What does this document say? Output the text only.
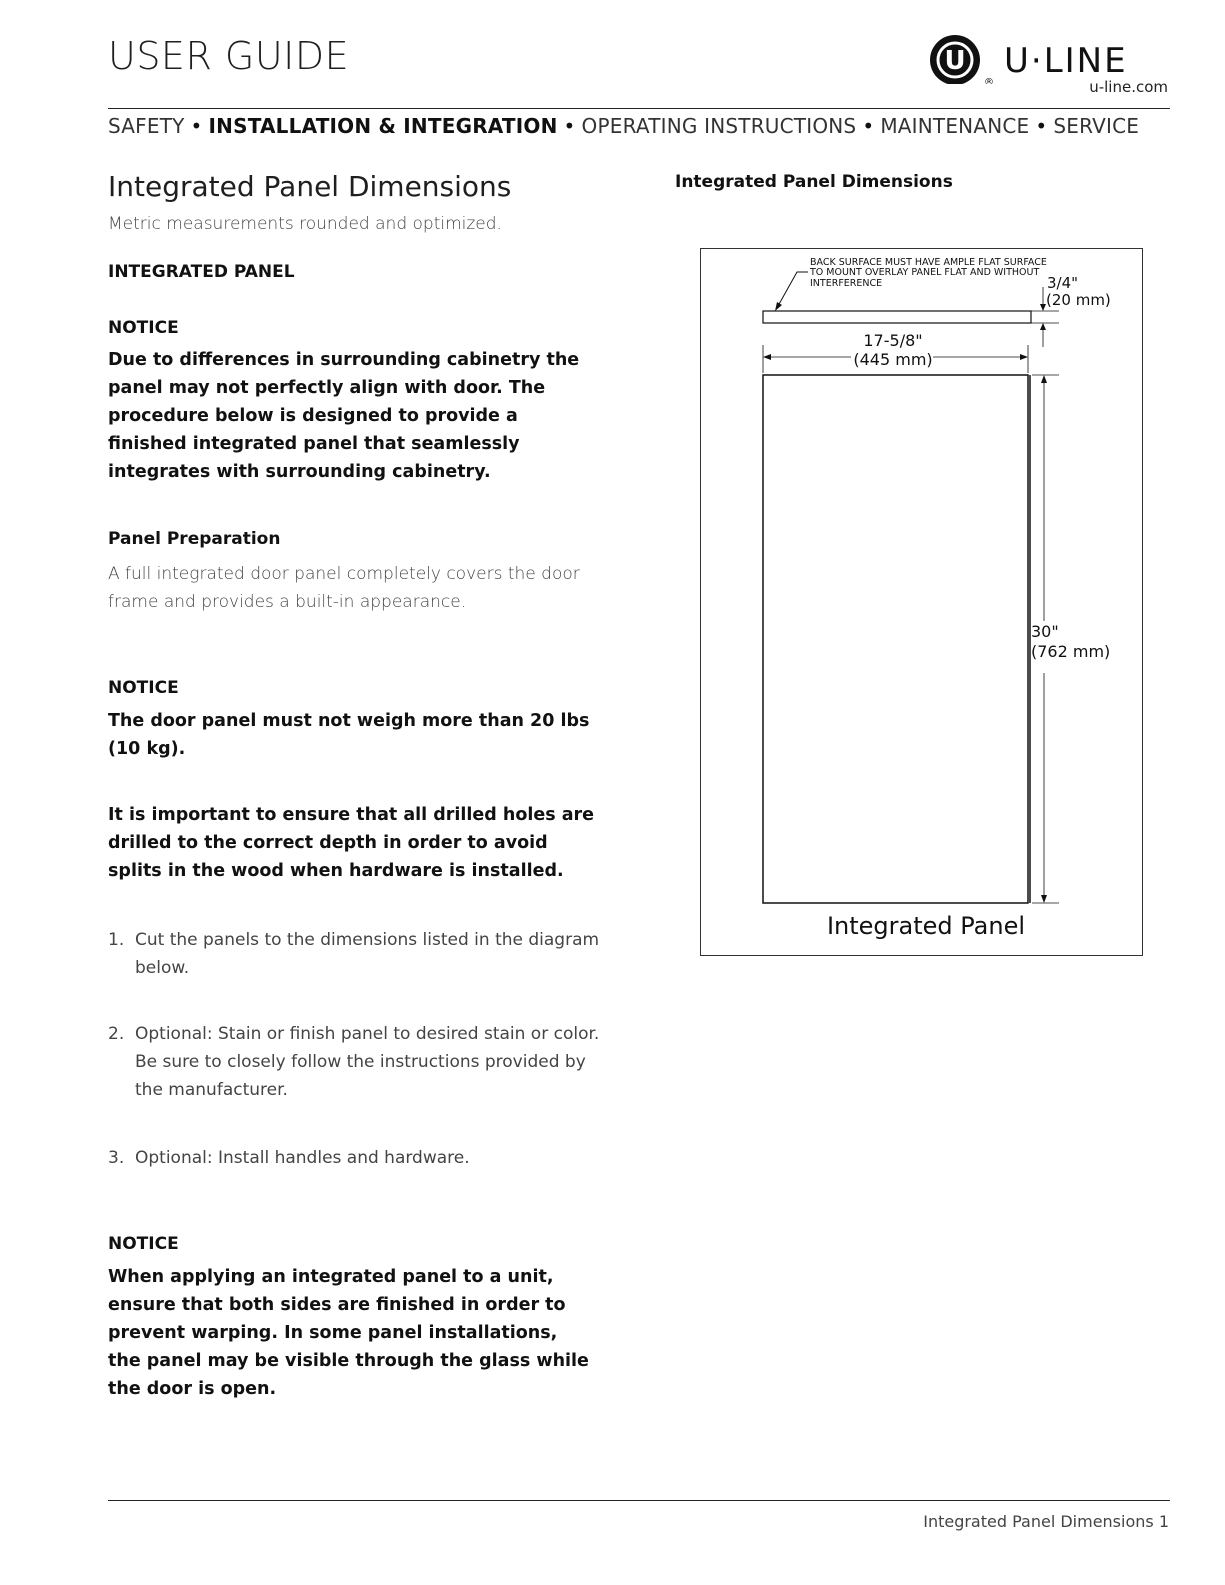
USER GUIDE	U
®
U·LINE
u-line.com
SAFETY • INSTALLATION & INTEGRATION • OPERATING INSTRUCTIONS • MAINTENANCE • SERVICE
Integrated Panel Dimensions
Metric measurements rounded and optimized.
INTEGRATED PANEL
NOTICE
Due to differences in surrounding cabinetry the
panel may not perfectly align with door. The
procedure below is designed to provide a
finished integrated panel that seamlessly
integrates with surrounding cabinetry.
Panel Preparation
A full integrated door panel completely covers the door
frame and provides a built-in appearance.
NOTICE
The door panel must not weigh more than 20 lbs
(10 kg).
It is important to ensure that all drilled holes are
drilled to the correct depth in order to avoid
splits in the wood when hardware is installed.
1. Cut the panels to the dimensions listed in the diagram
below.
2. Optional: Stain or finish panel to desired stain or color.
Be sure to closely follow the instructions provided by
the manufacturer.
3. Optional: Install handles and hardware.
NOTICE
When applying an integrated panel to a unit,
ensure that both sides are finished in order to
prevent warping. In some panel installations,
the panel may be visible through the glass while
the door is open.
Integrated Panel Dimensions
BACK SURFACE MUST HAVE AMPLE FLAT SURFACE
TO MOUNT OVERLAY PANEL FLAT AND WITHOUT
INTERFERENCE	3/4"
(20 mm)
17-5/8"
(445 mm)
30"
(762 mm)
Integrated Panel
Integrated Panel Dimensions 1
